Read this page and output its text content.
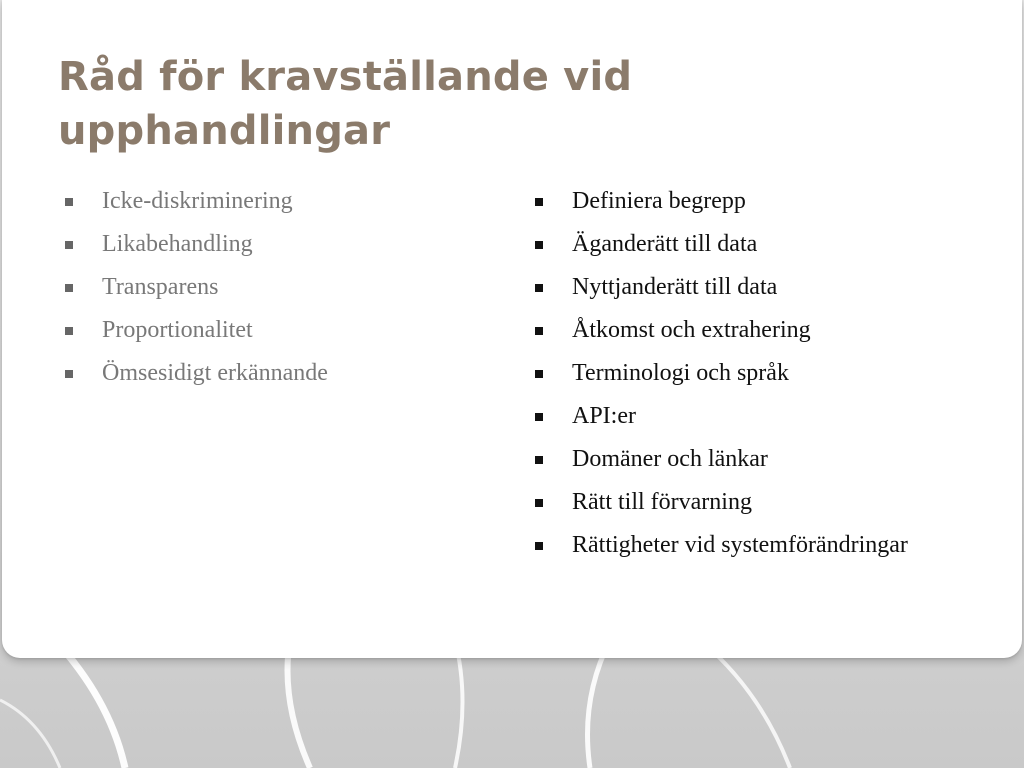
Råd för kravställande vid upphandlingar
Icke-diskriminering
Likabehandling
Transparens
Proportionalitet
Ömsesidigt erkännande
Definiera begrepp
Äganderätt till data
Nyttjanderätt till data
Åtkomst och extrahering
Terminologi och språk
API:er
Domäner och länkar
Rätt till förvarning
Rättigheter vid systemförändringar
